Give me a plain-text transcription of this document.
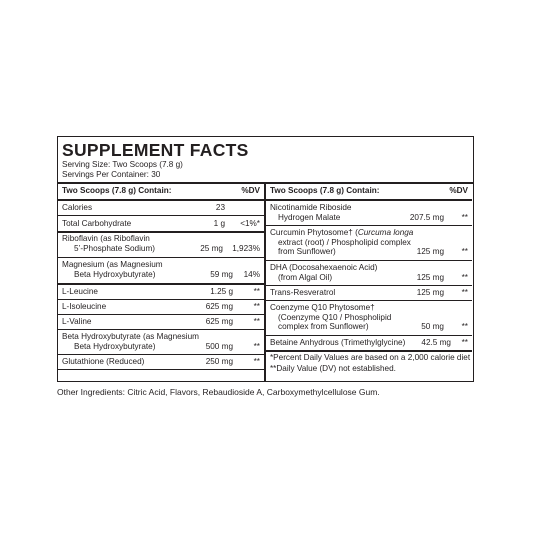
SUPPLEMENT FACTS
Serving Size: Two Scoops (7.8 g)
Servings Per Container: 30
Two Scoops (7.8 g) Contain:	%DV
Calories	23
Total Carbohydrate	1 g <1%*
Riboflavin (as Riboflavin
5’-Phosphate Sodium)	25 mg 1,923%
Magnesium (as Magnesium
Beta Hydroxybutyrate)	59 mg 14%
L-Leucine	1.25 g	**
L-Isoleucine	625 mg	**
L-Valine	625 mg	**
Beta Hydroxybutyrate (as Magnesium
Beta Hydroxybutyrate)	500 mg	**
Glutathione (Reduced)	250 mg	**
Two Scoops (7.8 g) Contain:	%DV
Nicotinamide Riboside
Hydrogen Malate	207.5 mg **
Curcumin Phytosome† (Curcuma longa
extract (root) / Phospholipid complex
from Sunflower)	125 mg **
DHA (Docosahexaenoic Acid)
(from Algal Oil)	125 mg **
Trans-Resveratrol	125 mg **
Coenzyme Q10 Phytosome†
(Coenzyme Q10 / Phospholipid
complex from Sunflower)	50 mg **
Betaine Anhydrous (Trimethylglycine) 42.5 mg **
*Percent Daily Values are based on a 2,000 calorie diet
**Daily Value (DV) not established.
Other Ingredients: Citric Acid, Flavors, Rebaudioside A, Carboxymethylcellulose Gum.
